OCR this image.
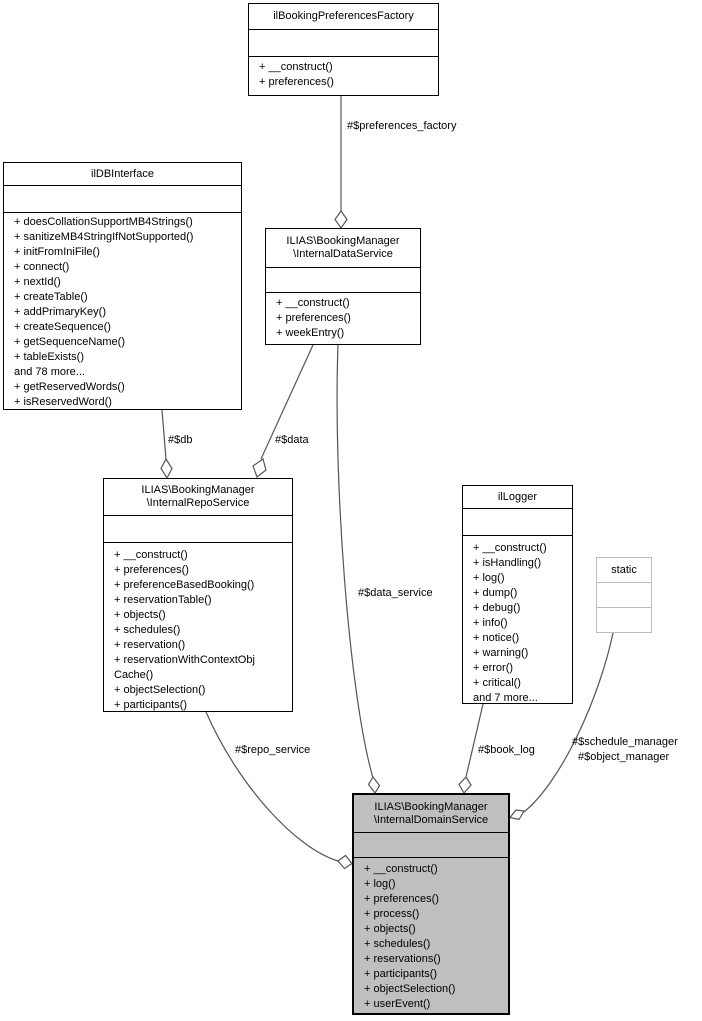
ilBookingPreferencesFactory
+ __construct()
+ preferences()
ilDBInterface
+ doesCollationSupportMB4Strings()
+ sanitizeMB4StringIfNotSupported()
+ initFromIniFile()
+ connect()
+ nextId()
+ createTable()
+ addPrimaryKey()
+ createSequence()
+ getSequenceName()
+ tableExists()
and 78 more...
+ getReservedWords()
+ isReservedWord()
ILIAS\BookingManager
\InternalDataService
+ __construct()
+ preferences()
+ weekEntry()
ILIAS\BookingManager
\InternalRepoService
+ __construct()
+ preferences()
+ preferenceBasedBooking()
+ reservationTable()
+ objects()
+ schedules()
+ reservation()
+ reservationWithContextObj
Cache()
+ objectSelection()
+ participants()
ilLogger
+ __construct()
+ isHandling()
+ log()
+ dump()
+ debug()
+ info()
+ notice()
+ warning()
+ error()
+ critical()
and 7 more...
static
ILIAS\BookingManager
\InternalDomainService
+ __construct()
+ log()
+ preferences()
+ process()
+ objects()
+ schedules()
+ reservations()
+ participants()
+ objectSelection()
+ userEvent()
#$preferences_factory
#$db	#$data
#$data_service
#$repo_service	#$book_log
#$schedule_manager
#$object_manager
